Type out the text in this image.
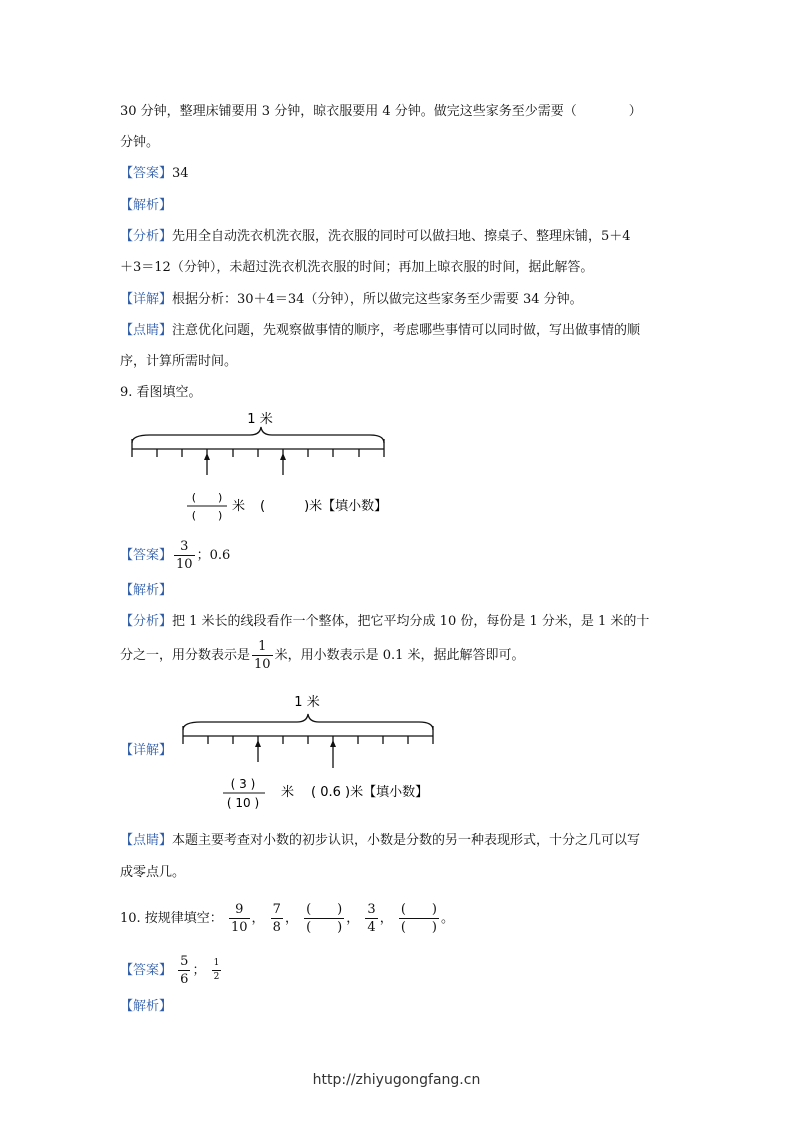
30 分钟，整理床铺要用 3 分钟，晾衣服要用 4 分钟。做完这些家务至少需要（　　　　）
分钟。
【答案】34
【解析】
【分析】先用全自动洗衣机洗衣服，洗衣服的同时可以做扫地、擦桌子、整理床铺，5＋4
＋3＝12（分钟），未超过洗衣机洗衣服的时间；再加上晾衣服的时间，据此解答。
【详解】根据分析：30＋4＝34（分钟），所以做完这些家务至少需要 34 分钟。
【点睛】注意优化问题，先观察做事情的顺序，考虑哪些事情可以同时做，写出做事情的顺
序，计算所需时间。
9. 看图填空。
1 米
(　　)
(　　)
米 (　　　)米【填小数】
【答案】 $\frac{3}{10}$ ；0.6
【解析】
【分析】把 1 米长的线段看作一个整体，把它平均分成 10 份，每份是 1 分米，是 1 米的十
分之一，用分数表示是 $\frac{1}{10}$ 米，用小数表示是 0.1 米，据此解答即可。
【详解】
1 米
( 3 )
( 10 )
米 ( 0.6 )米【填小数】
【点睛】本题主要考查对小数的初步认识，小数是分数的另一种表现形式，十分之几可以写
成零点几。
10. 按规律填空： $\frac{9}{10}$ ， $\frac{7}{8}$ ， $\frac{( )}{( )}$ ， $\frac{3}{4}$ ， $\frac{( )}{( )}$ 。
【答案】 $\frac{5}{6}$ ； $\frac{1}{2}$
【解析】
http://zhiyugongfang.cn
